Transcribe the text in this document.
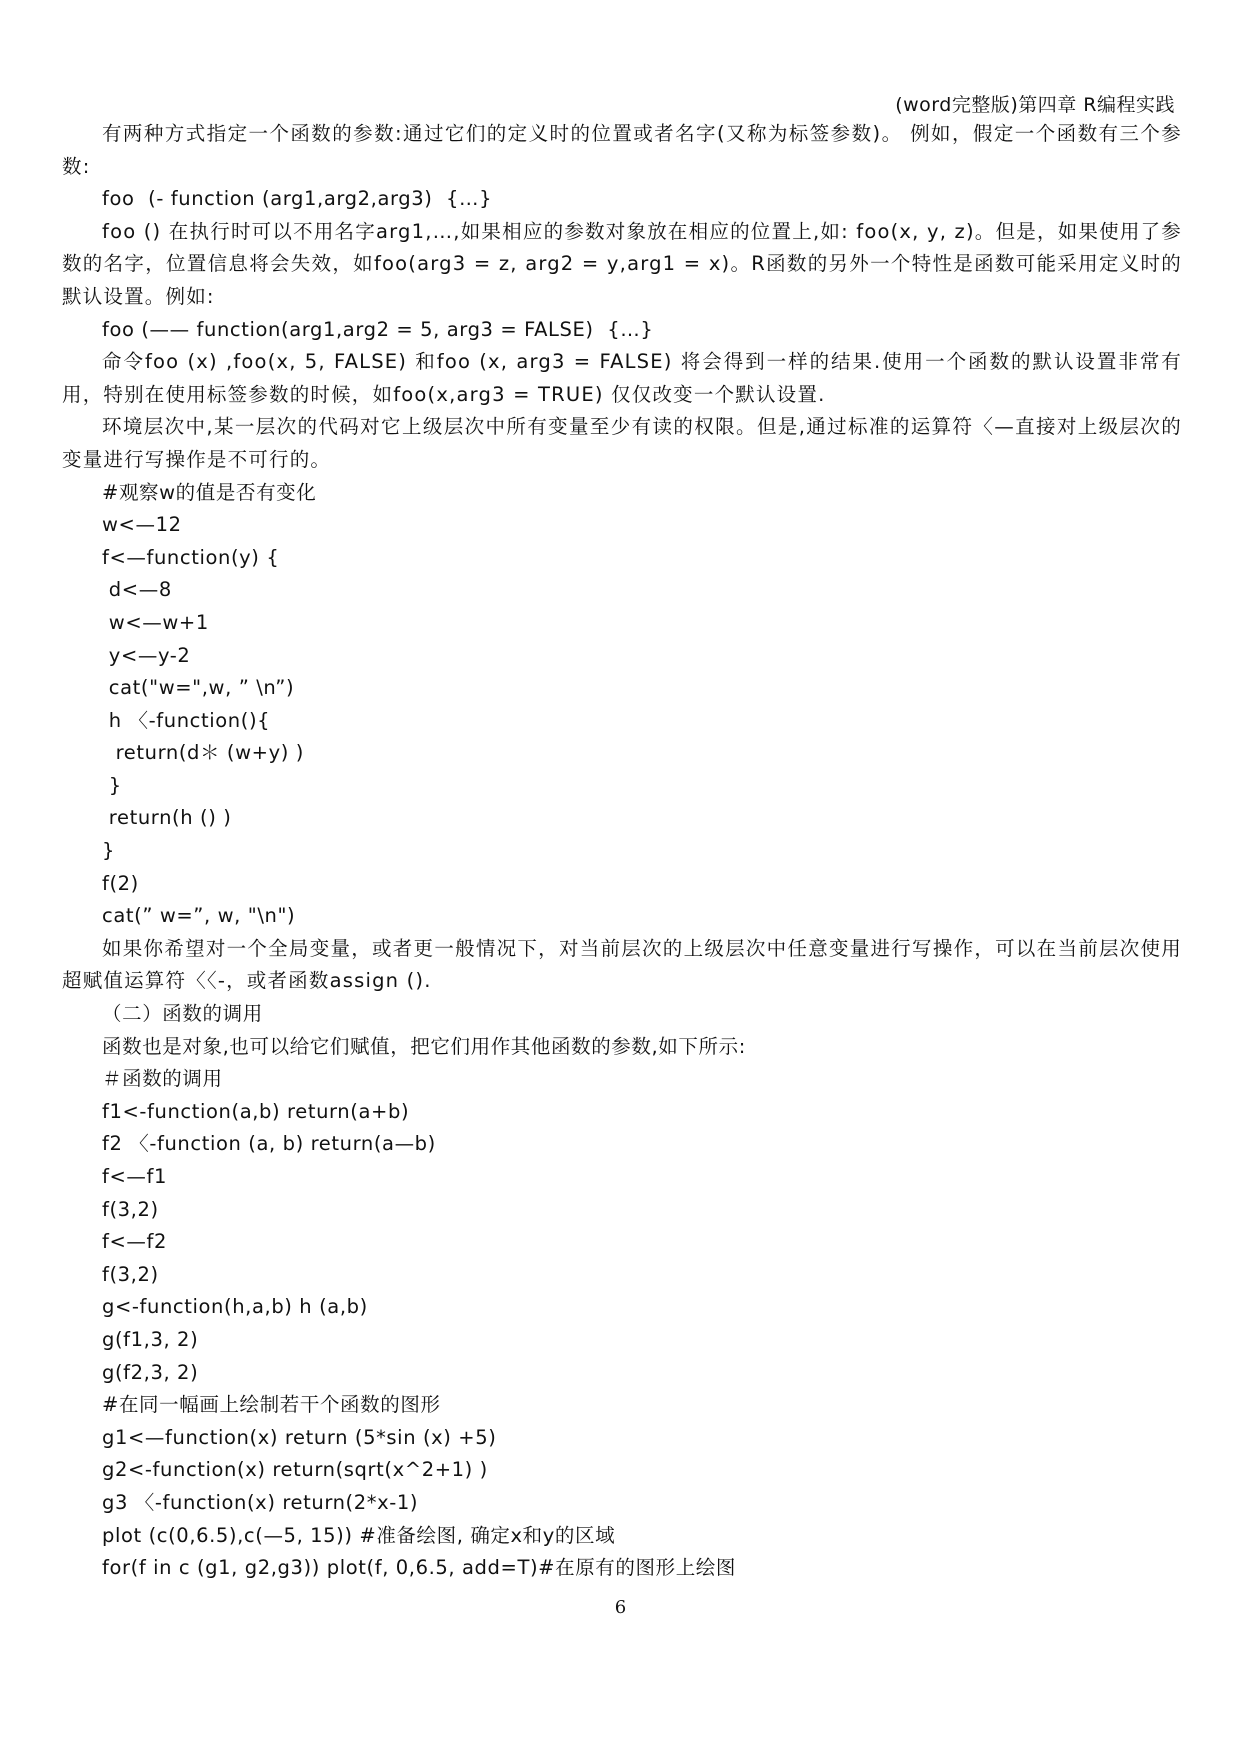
(word完整版)第四章 R编程实践

有两种方式指定一个函数的参数:通过它们的定义时的位置或者名字(又称为标签参数)。 例如，假定一个函数有三个参数:

foo  (- function (arg1,arg2,arg3)  {…}

foo () 在执行时可以不用名字arg1,…,如果相应的参数对象放在相应的位置上,如: foo(x, y, z)。但是，如果使用了参数的名字，位置信息将会失效，如foo(arg3 = z, arg2 = y,arg1 = x)。R函数的另外一个特性是函数可能采用定义时的默认设置。例如:

foo (—— function(arg1,arg2 = 5, arg3 = FALSE)  {…}

命令foo (x) ,foo(x, 5, FALSE) 和foo (x, arg3 = FALSE) 将会得到一样的结果.使用一个函数的默认设置非常有用，特别在使用标签参数的时候，如foo(x,arg3 = TRUE) 仅仅改变一个默认设置.

环境层次中,某一层次的代码对它上级层次中所有变量至少有读的权限。但是,通过标准的运算符〈—直接对上级层次的变量进行写操作是不可行的。

#观察w的值是否有变化
w<—12
f<—function(y) {
d<—8
w<—w+1
y<—y-2
cat("w=",w, ” \n”)
h 〈-function(){
return(d＊ (w+y) )
}
return(h () )
}
f(2)
cat(” w=”, w, "\n")

如果你希望对一个全局变量，或者更一般情况下，对当前层次的上级层次中任意变量进行写操作，可以在当前层次使用超赋值运算符〈〈-，或者函数assign ().

（二）函数的调用
函数也是对象,也可以给它们赋值，把它们用作其他函数的参数,如下所示:
＃函数的调用
f1<-function(a,b) return(a+b)
f2 〈-function (a, b) return(a—b)
f<—f1
f(3,2)
f<—f2
f(3,2)
g<-function(h,a,b) h (a,b)
g(f1,3, 2)
g(f2,3, 2)
#在同一幅画上绘制若干个函数的图形
g1<—function(x) return (5*sin (x) +5)
g2<-function(x) return(sqrt(x^2+1) )
g3 〈-function(x) return(2*x-1)
plot (c(0,6.5),c(—5, 15)) #准备绘图, 确定x和y的区域
for(f in c (g1, g2,g3)) plot(f, 0,6.5, add=T)#在原有的图形上绘图
6
